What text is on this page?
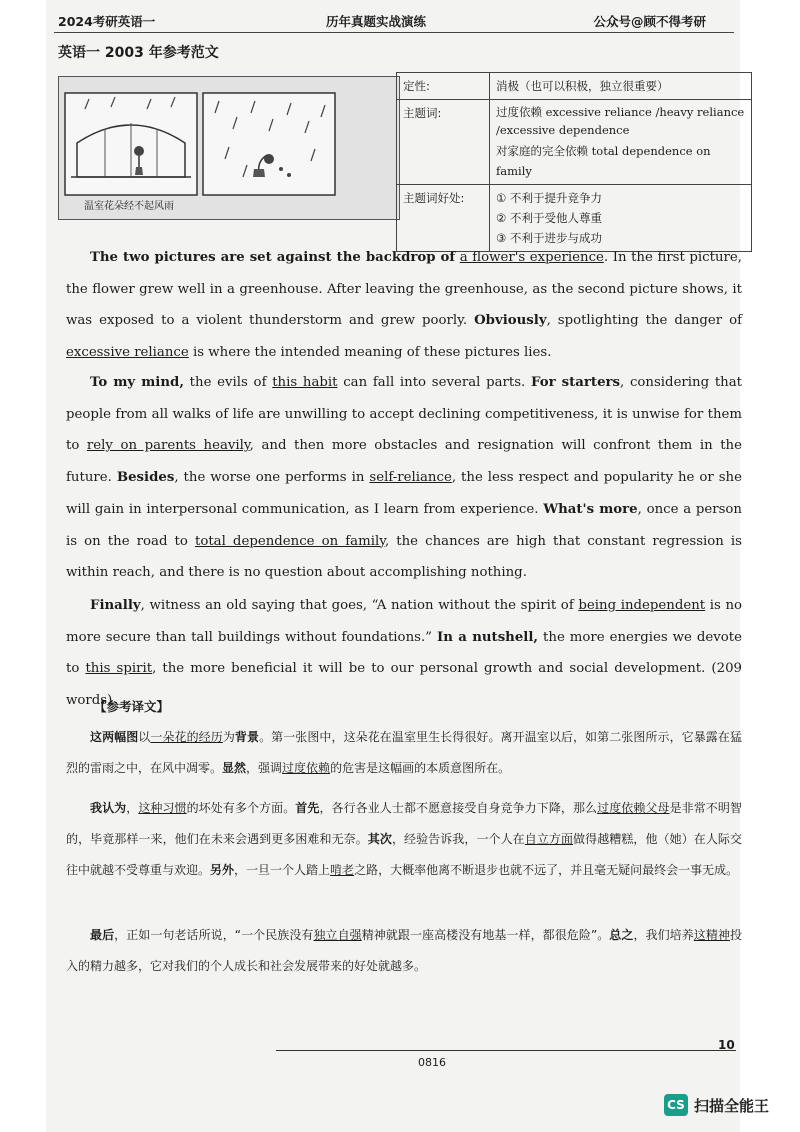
2024考研英语一	历年真题实战演练	公众号@顾不得考研
英语一 2003 年参考范文
温室花朵经不起风雨
定性:	消极（也可以积极，独立很重要）

主题词:	过度依赖 excessive reliance /heavy reliance /excessive dependence
对家庭的完全依赖 total dependence on family

主题词好处:	① 不利于提升竞争力
② 不利于受他人尊重
③ 不利于进步与成功

The two pictures are set against the backdrop of a flower's experience. In the first picture, the flower grew well in a greenhouse. After leaving the greenhouse, as the second picture shows, it was exposed to a violent thunderstorm and grew poorly. Obviously, spotlighting the danger of excessive reliance is where the intended meaning of these pictures lies.

To my mind, the evils of this habit can fall into several parts. For starters, considering that people from all walks of life are unwilling to accept declining competitiveness, it is unwise for them to rely on parents heavily, and then more obstacles and resignation will confront them in the future. Besides, the worse one performs in self-reliance, the less respect and popularity he or she will gain in interpersonal communication, as I learn from experience. What's more, once a person is on the road to total dependence on family, the chances are high that constant regression is within reach, and there is no question about accomplishing nothing.

Finally, witness an old saying that goes, “A nation without the spirit of being independent is no more secure than tall buildings without foundations.” In a nutshell, the more energies we devote to this spirit, the more beneficial it will be to our personal growth and social development. (209 words)

【参考译文】

这两幅图以一朵花的经历为背景。第一张图中，这朵花在温室里生长得很好。离开温室以后，如第二张图所示，它暴露在猛烈的雷雨之中，在风中凋零。显然，强调过度依赖的危害是这幅画的本质意图所在。

我认为，这种习惯的坏处有多个方面。首先，各行各业人士都不愿意接受自身竞争力下降，那么过度依赖父母是非常不明智的，毕竟那样一来，他们在未来会遇到更多困难和无奈。其次，经验告诉我，一个人在自立方面做得越糟糕，他（她）在人际交往中就越不受尊重与欢迎。另外，一旦一个人踏上啃老之路，大概率他离不断退步也就不远了，并且毫无疑问最终会一事无成。

最后，正如一句老话所说，“一个民族没有独立自强精神就跟一座高楼没有地基一样，都很危险”。总之，我们培养这精神投入的精力越多，它对我们的个人成长和社会发展带来的好处就越多。

0816
10
CS 扫描全能王
